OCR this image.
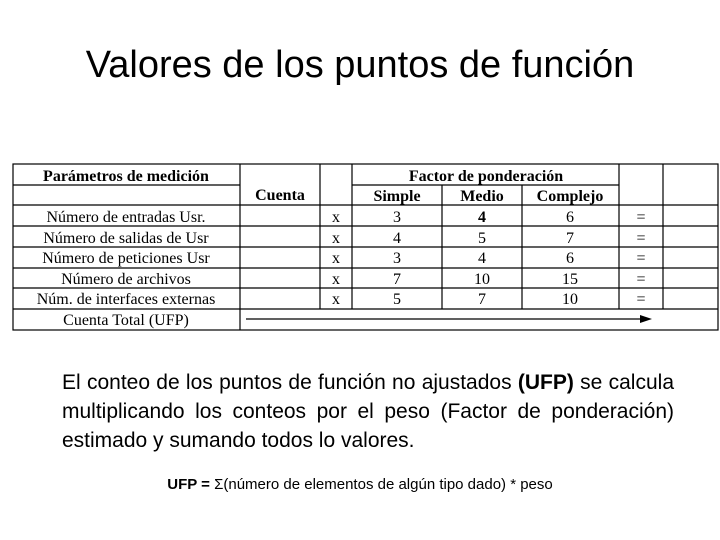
Valores de los puntos de función
Parámetros de medición
Cuenta
Factor de ponderación
Simple Medio Complejo
Número de entradas Usr.	x	3	4	6	=
Número de salidas de Usr	x	4	5	7	=
Número de peticiones Usr	x	3	4	6	=
Número de archivos	x	7	10	15	=
Núm. de interfaces externas	x	5	7	10	=
Cuenta Total (UFP)
El conteo de los puntos de función no ajustados (UFP) se calcula multiplicando los conteos por el peso (Factor de ponderación) estimado y sumando todos lo valores.
UFP = Σ(número de elementos de algún tipo dado) * peso
